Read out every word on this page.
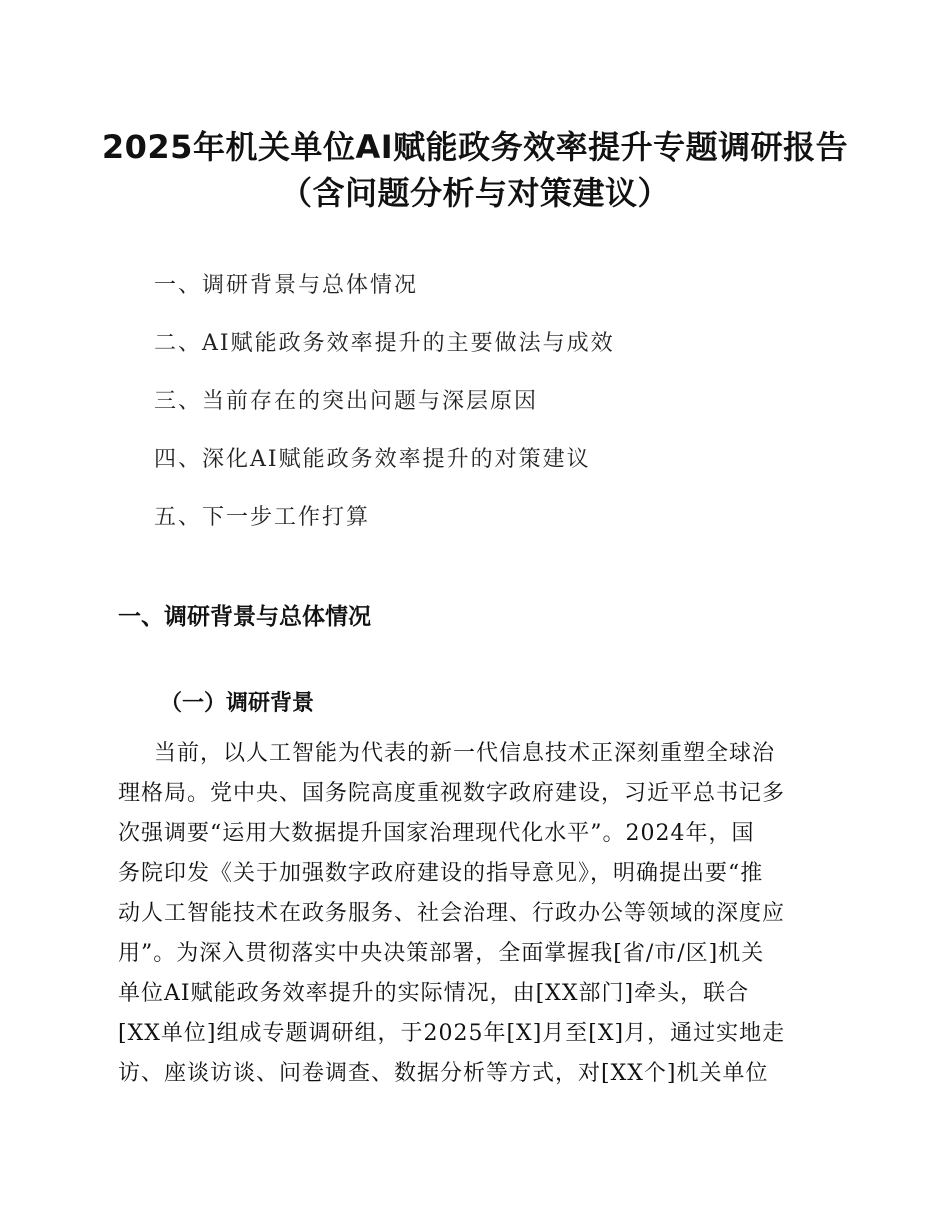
2025年机关单位AI赋能政务效率提升专题调研报告（含问题分析与对策建议）
一、调研背景与总体情况
二、AI赋能政务效率提升的主要做法与成效
三、当前存在的突出问题与深层原因
四、深化AI赋能政务效率提升的对策建议
五、下一步工作打算
一、调研背景与总体情况
（一）调研背景
当前，以人工智能为代表的新一代信息技术正深刻重塑全球治
理格局。党中央、国务院高度重视数字政府建设，习近平总书记多
次强调要“运用大数据提升国家治理现代化水平”。2024年，国
务院印发《关于加强数字政府建设的指导意见》，明确提出要“推
动人工智能技术在政务服务、社会治理、行政办公等领域的深度应
用”。为深入贯彻落实中央决策部署，全面掌握我[省/市/区]机关
单位AI赋能政务效率提升的实际情况，由[XX部门]牵头，联合
[XX单位]组成专题调研组，于2025年[X]月至[X]月，通过实地走
访、座谈访谈、问卷调查、数据分析等方式，对[XX个]机关单位
